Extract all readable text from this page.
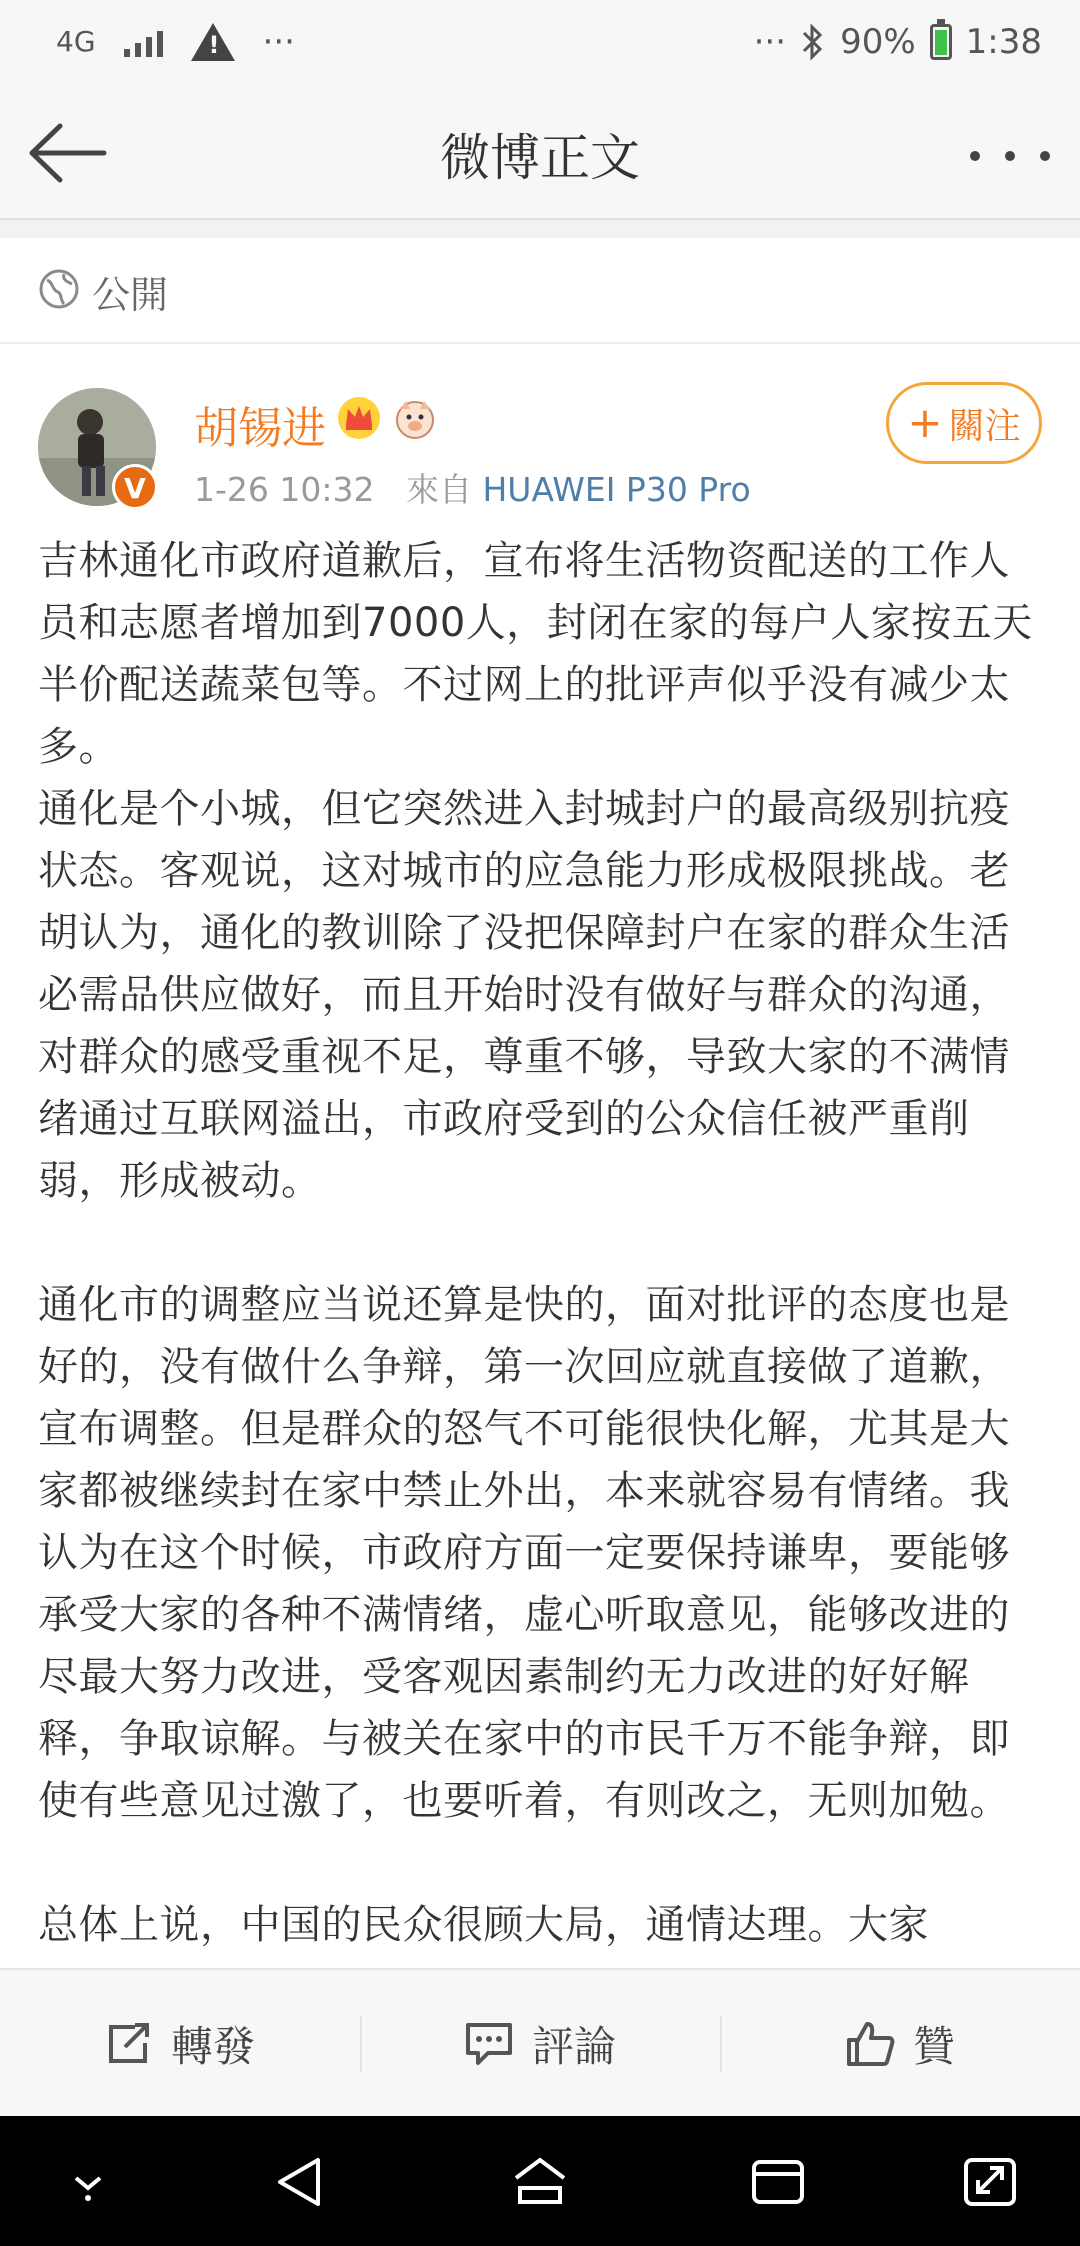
4G	! ···	··· 90% 1:38
微博正文
公開
V
胡锡进
1-26 10:32 來自 HUAWEI P30 Pro
+ 關注

吉林通化市政府道歉后，宣布将生活物资配送的工作人员和志愿者增加到7000人，封闭在家的每户人家按五天半价配送蔬菜包等。不过网上的批评声似乎没有减少太多。

通化是个小城，但它突然进入封城封户的最高级别抗疫状态。客观说，这对城市的应急能力形成极限挑战。老胡认为，通化的教训除了没把保障封户在家的群众生活必需品供应做好，而且开始时没有做好与群众的沟通，对群众的感受重视不足，尊重不够，导致大家的不满情绪通过互联网溢出，市政府受到的公众信任被严重削弱，形成被动。

通化市的调整应当说还算是快的，面对批评的态度也是好的，没有做什么争辩，第一次回应就直接做了道歉，宣布调整。但是群众的怒气不可能很快化解，尤其是大家都被继续封在家中禁止外出，本来就容易有情绪。我认为在这个时候，市政府方面一定要保持谦卑，要能够承受大家的各种不满情绪，虚心听取意见，能够改进的尽最大努力改进，受客观因素制约无力改进的好好解释，争取谅解。与被关在家中的市民千万不能争辩，即使有些意见过激了，也要听着，有则改之，无则加勉。

总体上说，中国的民众很顾大局，通情达理。大家

轉發	評論	贊
